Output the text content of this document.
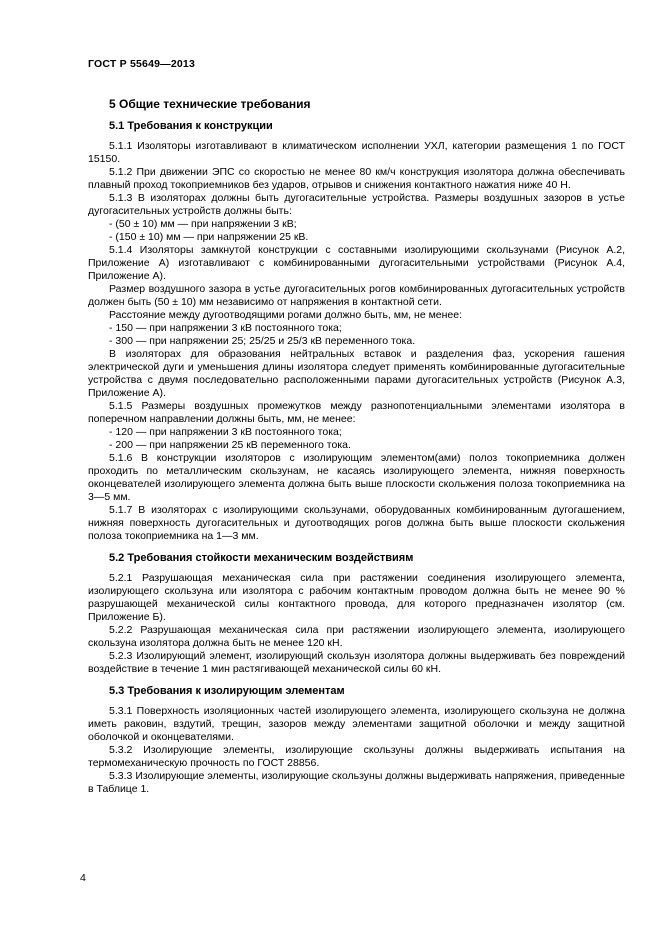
ГОСТ Р 55649—2013
5 Общие технические требования
5.1 Требования к конструкции
5.1.1 Изоляторы изготавливают в климатическом исполнении УХЛ, категории размещения 1 по ГОСТ 15150.
5.1.2 При движении ЭПС со скоростью не менее 80 км/ч конструкция изолятора должна обеспечивать плавный проход токоприемников без ударов, отрывов и снижения контактного нажатия ниже 40 Н.
5.1.3 В изоляторах должны быть дугогасительные устройства. Размеры воздушных зазоров в устье дугогасительных устройств должны быть:
- (50 ± 10) мм — при напряжении 3 кВ;
- (150 ± 10) мм — при напряжении 25 кВ.
5.1.4 Изоляторы замкнутой конструкции с составными изолирующими скользунами (Рисунок А.2, Приложение А) изготавливают с комбинированными дугогасительными устройствами (Рисунок А.4, Приложение А).
Размер воздушного зазора в устье дугогасительных рогов комбинированных дугогасительных устройств должен быть (50 ± 10) мм независимо от напряжения в контактной сети.
Расстояние между дугоотводящими рогами должно быть, мм, не менее:
- 150 — при напряжении 3 кВ постоянного тока;
- 300 — при напряжении 25; 25/25 и 25/3 кВ переменного тока.
В изоляторах для образования нейтральных вставок и разделения фаз, ускорения гашения электрической дуги и уменьшения длины изолятора следует применять комбинированные дугогасительные устройства с двумя последовательно расположенными парами дугогасительных устройств (Рисунок А.3, Приложение А).
5.1.5 Размеры воздушных промежутков между разнопотенциальными элементами изолятора в поперечном направлении должны быть, мм, не менее:
- 120 — при напряжении 3 кВ постоянного тока;
- 200 — при напряжении 25 кВ переменного тока.
5.1.6 В конструкции изоляторов с изолирующим элементом(ами) полоз токоприемника должен проходить по металлическим скользунам, не касаясь изолирующего элемента, нижняя поверхность оконцевателей изолирующего элемента должна быть выше плоскости скольжения полоза токоприемника на 3—5 мм.
5.1.7 В изоляторах с изолирующими скользунами, оборудованных комбинированным дугогашением, нижняя поверхность дугогасительных и дугоотводящих рогов должна быть выше плоскости скольжения полоза токоприемника на 1—3 мм.
5.2 Требования стойкости механическим воздействиям
5.2.1 Разрушающая механическая сила при растяжении соединения изолирующего элемента, изолирующего скользуна или изолятора с рабочим контактным проводом должна быть не менее 90 % разрушающей механической силы контактного провода, для которого предназначен изолятор (см. Приложение Б).
5.2.2 Разрушающая механическая сила при растяжении изолирующего элемента, изолирующего скользуна изолятора должна быть не менее 120 кН.
5.2.3 Изолирующий элемент, изолирующий скользун изолятора должны выдерживать без повреждений воздействие в течение 1 мин растягивающей механической силы 60 кН.
5.3 Требования к изолирующим элементам
5.3.1 Поверхность изоляционных частей изолирующего элемента, изолирующего скользуна не должна иметь раковин, вздутий, трещин, зазоров между элементами защитной оболочки и между защитной оболочкой и оконцевателями.
5.3.2 Изолирующие элементы, изолирующие скользуны должны выдерживать испытания на термомеханическую прочность по ГОСТ 28856.
5.3.3 Изолирующие элементы, изолирующие скользуны должны выдерживать напряжения, приведенные в Таблице 1.
4
